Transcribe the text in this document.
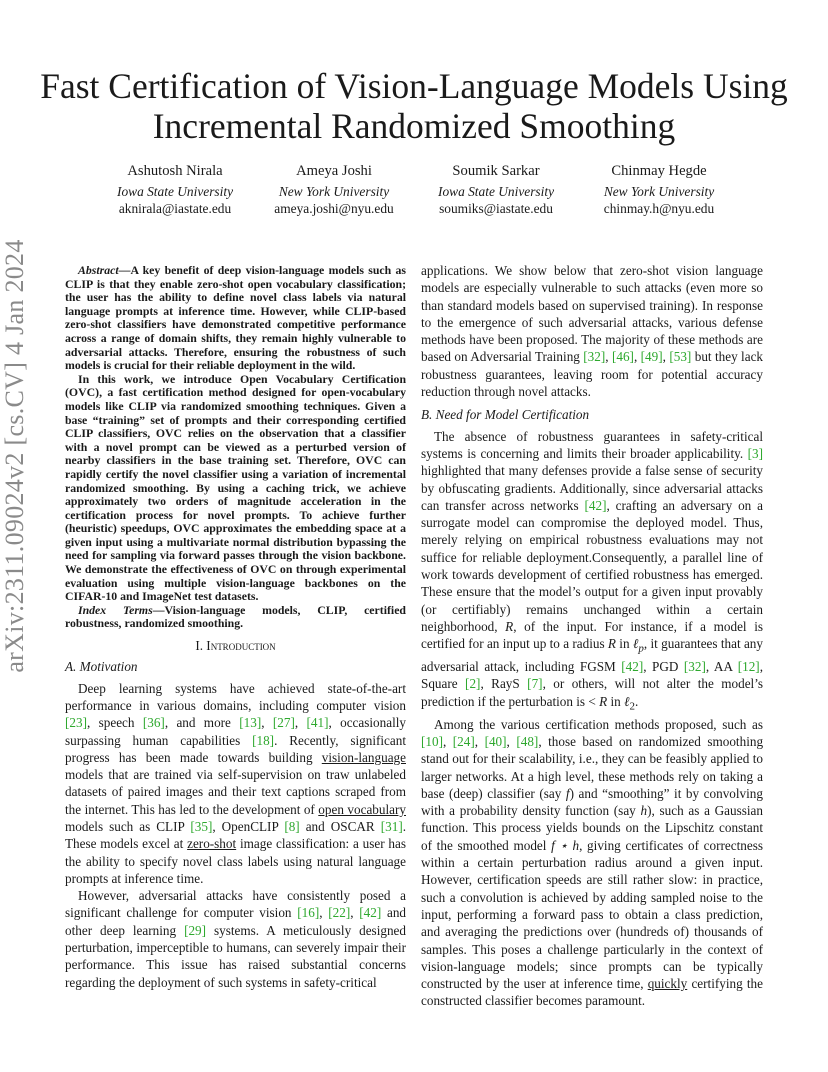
arXiv:2311.09024v2 [cs.CV] 4 Jan 2024
Fast Certification of Vision-Language Models Using Incremental Randomized Smoothing
Ashutosh Nirala
Iowa State University
aknirala@iastate.edu
Ameya Joshi
New York University
ameya.joshi@nyu.edu
Soumik Sarkar
Iowa State University
soumiks@iastate.edu
Chinmay Hegde
New York University
chinmay.h@nyu.edu

Abstract—A key benefit of deep vision-language models such as CLIP is that they enable zero-shot open vocabulary classification; the user has the ability to define novel class labels via natural language prompts at inference time. However, while CLIP-based zero-shot classifiers have demonstrated competitive performance across a range of domain shifts, they remain highly vulnerable to adversarial attacks. Therefore, ensuring the robustness of such models is crucial for their reliable deployment in the wild.

In this work, we introduce Open Vocabulary Certification (OVC), a fast certification method designed for open-vocabulary models like CLIP via randomized smoothing techniques. Given a base “training” set of prompts and their corresponding certified CLIP classifiers, OVC relies on the observation that a classifier with a novel prompt can be viewed as a perturbed version of nearby classifiers in the base training set. Therefore, OVC can rapidly certify the novel classifier using a variation of incremental randomized smoothing. By using a caching trick, we achieve approximately two orders of magnitude acceleration in the certification process for novel prompts. To achieve further (heuristic) speedups, OVC approximates the embedding space at a given input using a multivariate normal distribution bypassing the need for sampling via forward passes through the vision backbone. We demonstrate the effectiveness of OVC on through experimental evaluation using multiple vision-language backbones on the CIFAR-10 and ImageNet test datasets.

Index Terms—Vision-language models, CLIP, certified robustness, randomized smoothing.

I. Introduction
A. Motivation

Deep learning systems have achieved state-of-the-art performance in various domains, including computer vision [23], speech [36], and more [13], [27], [41], occasionally surpassing human capabilities [18]. Recently, significant progress has been made towards building vision-language models that are trained via self-supervision on traw unlabeled datasets of paired images and their text captions scraped from the internet. This has led to the development of open vocabulary models such as CLIP [35], OpenCLIP [8] and OSCAR [31]. These models excel at zero-shot image classification: a user has the ability to specify novel class labels using natural language prompts at inference time.

However, adversarial attacks have consistently posed a significant challenge for computer vision [16], [22], [42] and other deep learning [29] systems. A meticulously designed perturbation, imperceptible to humans, can severely impair their performance. This issue has raised substantial concerns regarding the deployment of such systems in safety-critical

applications. We show below that zero-shot vision language models are especially vulnerable to such attacks (even more so than standard models based on supervised training). In response to the emergence of such adversarial attacks, various defense methods have been proposed. The majority of these methods are based on Adversarial Training [32], [46], [49], [53] but they lack robustness guarantees, leaving room for potential accuracy reduction through novel attacks.

B. Need for Model Certification

The absence of robustness guarantees in safety-critical systems is concerning and limits their broader applicability. [3] highlighted that many defenses provide a false sense of security by obfuscating gradients. Additionally, since adversarial attacks can transfer across networks [42], crafting an adversary on a surrogate model can compromise the deployed model. Thus, merely relying on empirical robustness evaluations may not suffice for reliable deployment.Consequently, a parallel line of work towards development of certified robustness has emerged. These ensure that the model’s output for a given input provably (or certifiably) remains unchanged within a certain neighborhood, R, of the input. For instance, if a model is certified for an input up to a radius R in ℓ$_p$, it guarantees that any adversarial attack, including FGSM [42], PGD [32], AA [12], Square [2], RayS [7], or others, will not alter the model’s prediction if the perturbation is < R in ℓ$_2$.

Among the various certification methods proposed, such as [10], [24], [40], [48], those based on randomized smoothing stand out for their scalability, i.e., they can be feasibly applied to larger networks. At a high level, these methods rely on taking a base (deep) classifier (say f) and “smoothing” it by convolving with a probability density function (say h), such as a Gaussian function. This process yields bounds on the Lipschitz constant of the smoothed model f ⋆ h, giving certificates of correctness within a certain perturbation radius around a given input. However, certification speeds are still rather slow: in practice, such a convolution is achieved by adding sampled noise to the input, performing a forward pass to obtain a class prediction, and averaging the predictions over (hundreds of) thousands of samples. This poses a challenge particularly in the context of vision-language models; since prompts can be typically constructed by the user at inference time, quickly certifying the constructed classifier becomes paramount.
